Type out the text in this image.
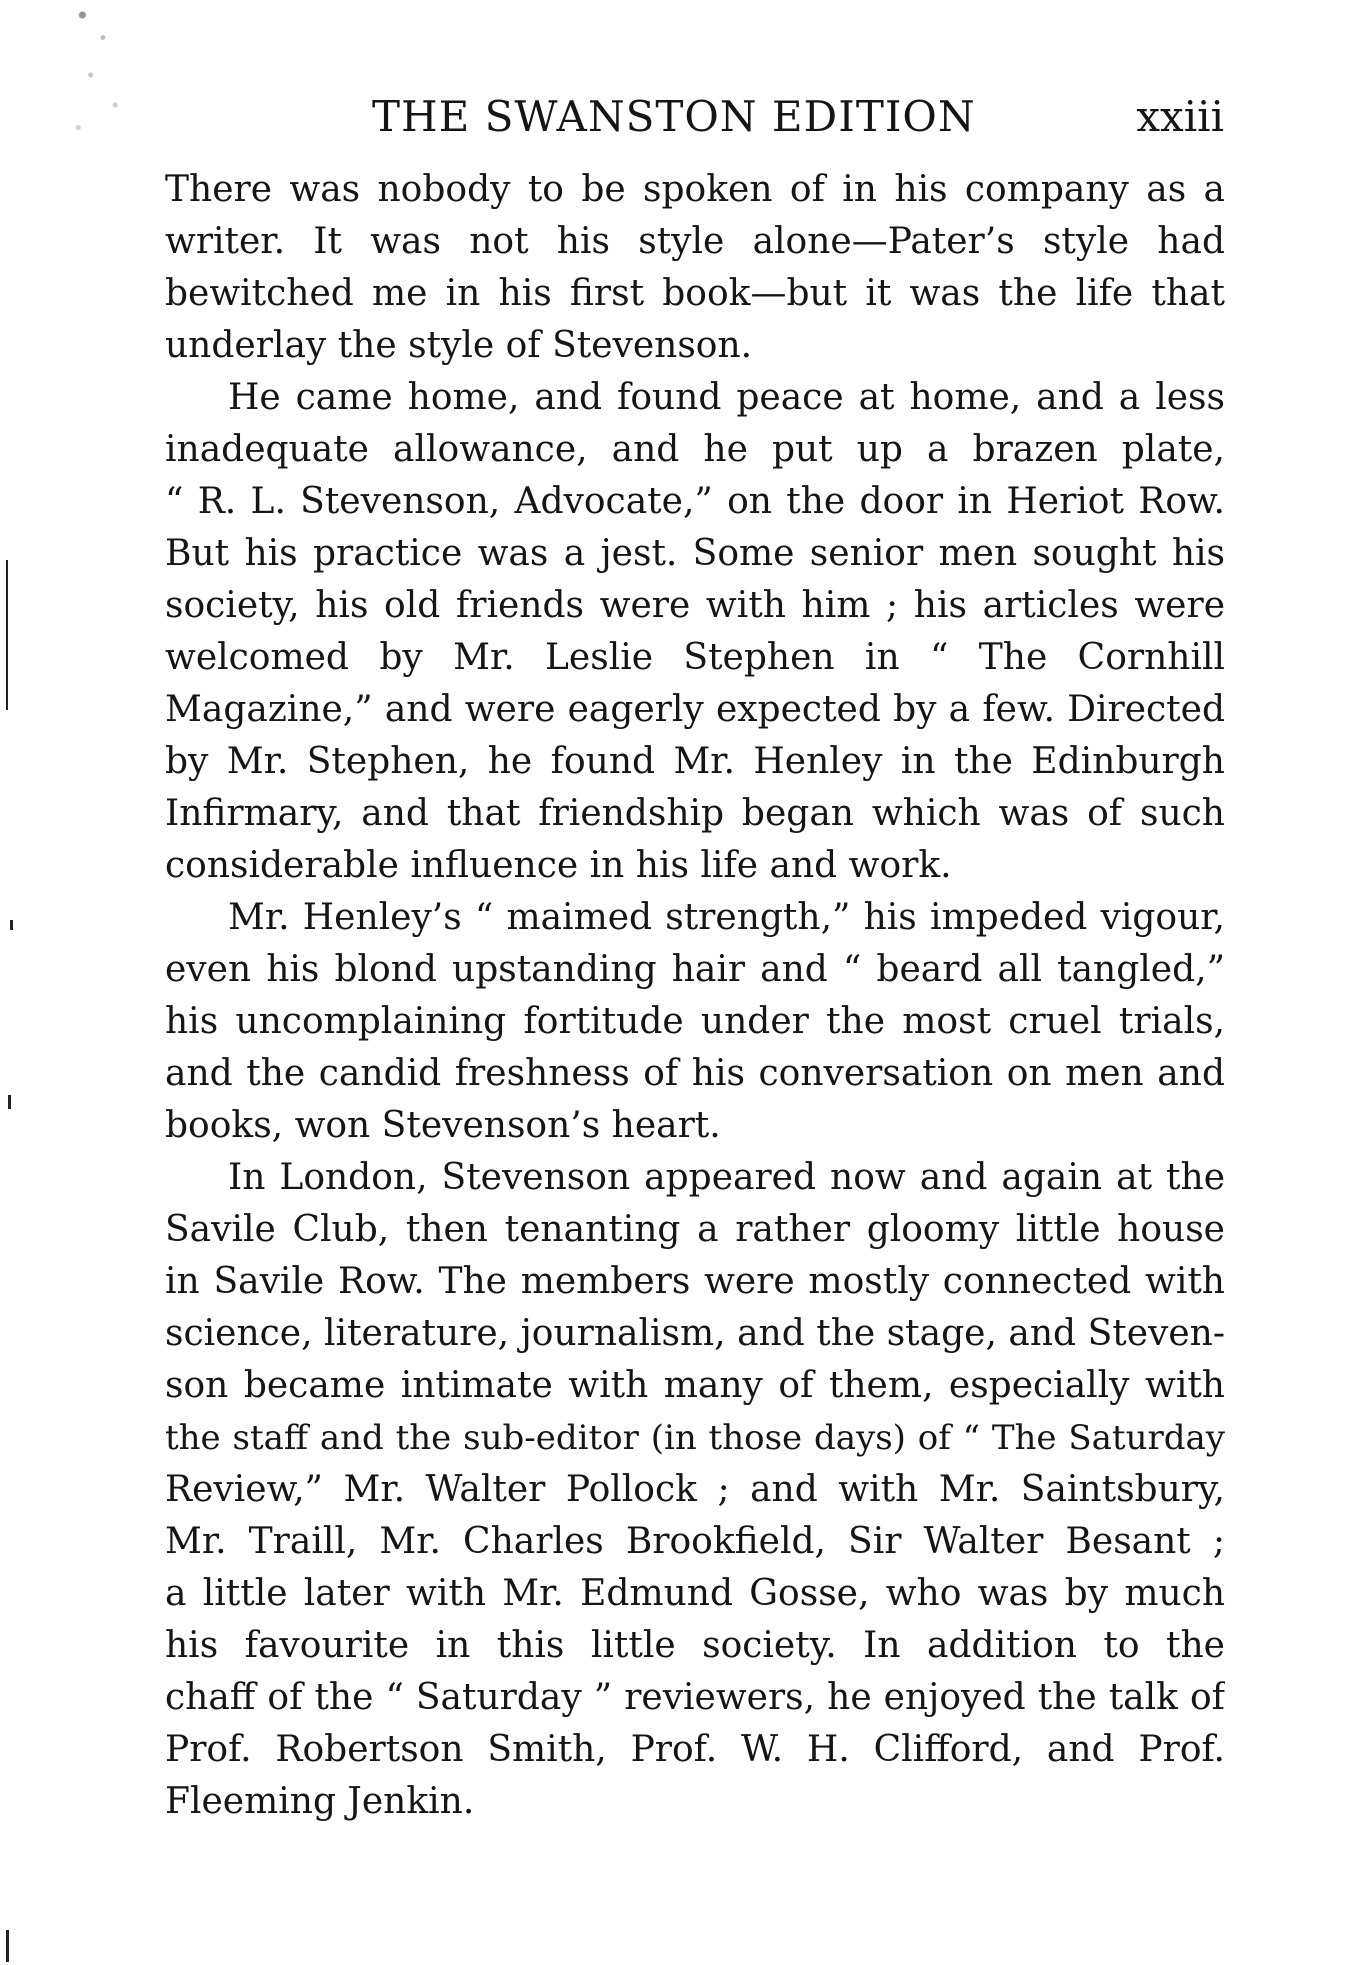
THE SWANSTON EDITION	xxiii
There was nobody to be spoken of in his company as a
writer. It was not his style alone—Pater’s style had
bewitched me in his first book—but it was the life that
underlay the style of Stevenson.
He came home, and found peace at home, and a less
inadequate allowance, and he put up a brazen plate,
“ R. L. Stevenson, Advocate,” on the door in Heriot Row.
But his practice was a jest. Some senior men sought his
society, his old friends were with him ; his articles were
welcomed by Mr. Leslie Stephen in “ The Cornhill
Magazine,” and were eagerly expected by a few. Directed
by Mr. Stephen, he found Mr. Henley in the Edinburgh
Infirmary, and that friendship began which was of such
considerable influence in his life and work.
Mr. Henley’s “ maimed strength,” his impeded vigour,
even his blond upstanding hair and “ beard all tangled,”
his uncomplaining fortitude under the most cruel trials,
and the candid freshness of his conversation on men and
books, won Stevenson’s heart.
In London, Stevenson appeared now and again at the
Savile Club, then tenanting a rather gloomy little house
in Savile Row. The members were mostly connected with
science, literature, journalism, and the stage, and Steven-
son became intimate with many of them, especially with
the staff and the sub-editor (in those days) of “ The Saturday
Review,” Mr. Walter Pollock ; and with Mr. Saintsbury,
Mr. Traill, Mr. Charles Brookfield, Sir Walter Besant ;
a little later with Mr. Edmund Gosse, who was by much
his favourite in this little society. In addition to the
chaff of the “ Saturday ” reviewers, he enjoyed the talk of
Prof. Robertson Smith, Prof. W. H. Clifford, and Prof.
Fleeming Jenkin.
